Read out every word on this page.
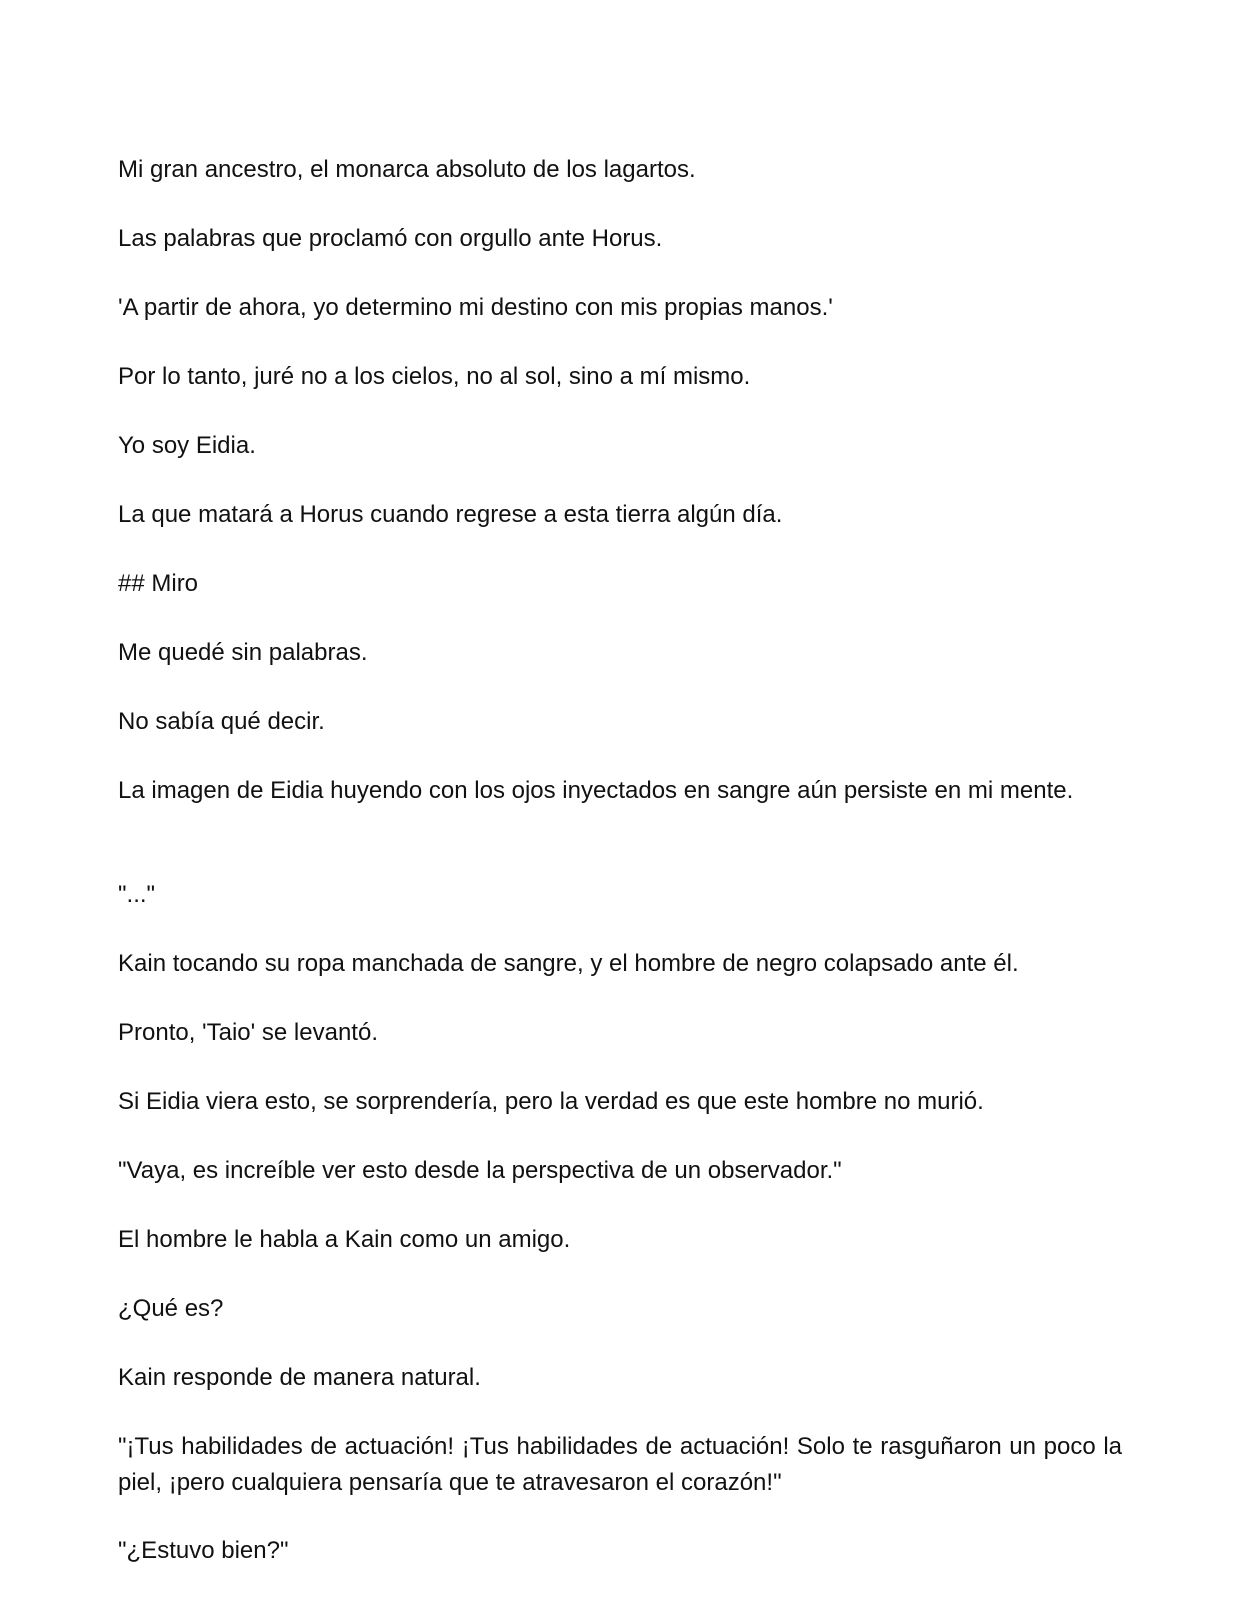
Mi gran ancestro, el monarca absoluto de los lagartos.

Las palabras que proclamó con orgullo ante Horus.

'A partir de ahora, yo determino mi destino con mis propias manos.'

Por lo tanto, juré no a los cielos, no al sol, sino a mí mismo.

Yo soy Eidia.

La que matará a Horus cuando regrese a esta tierra algún día.

## Miro

Me quedé sin palabras.

No sabía qué decir.

La imagen de Eidia huyendo con los ojos inyectados en sangre aún persiste en mi mente.

"..."

Kain tocando su ropa manchada de sangre, y el hombre de negro colapsado ante él.

Pronto, 'Taio' se levantó.

Si Eidia viera esto, se sorprendería, pero la verdad es que este hombre no murió.

"Vaya, es increíble ver esto desde la perspectiva de un observador."

El hombre le habla a Kain como un amigo.

¿Qué es?

Kain responde de manera natural.

"¡Tus habilidades de actuación! ¡Tus habilidades de actuación! Solo te rasguñaron un poco la piel, ¡pero cualquiera pensaría que te atravesaron el corazón!"

"¿Estuvo bien?"
